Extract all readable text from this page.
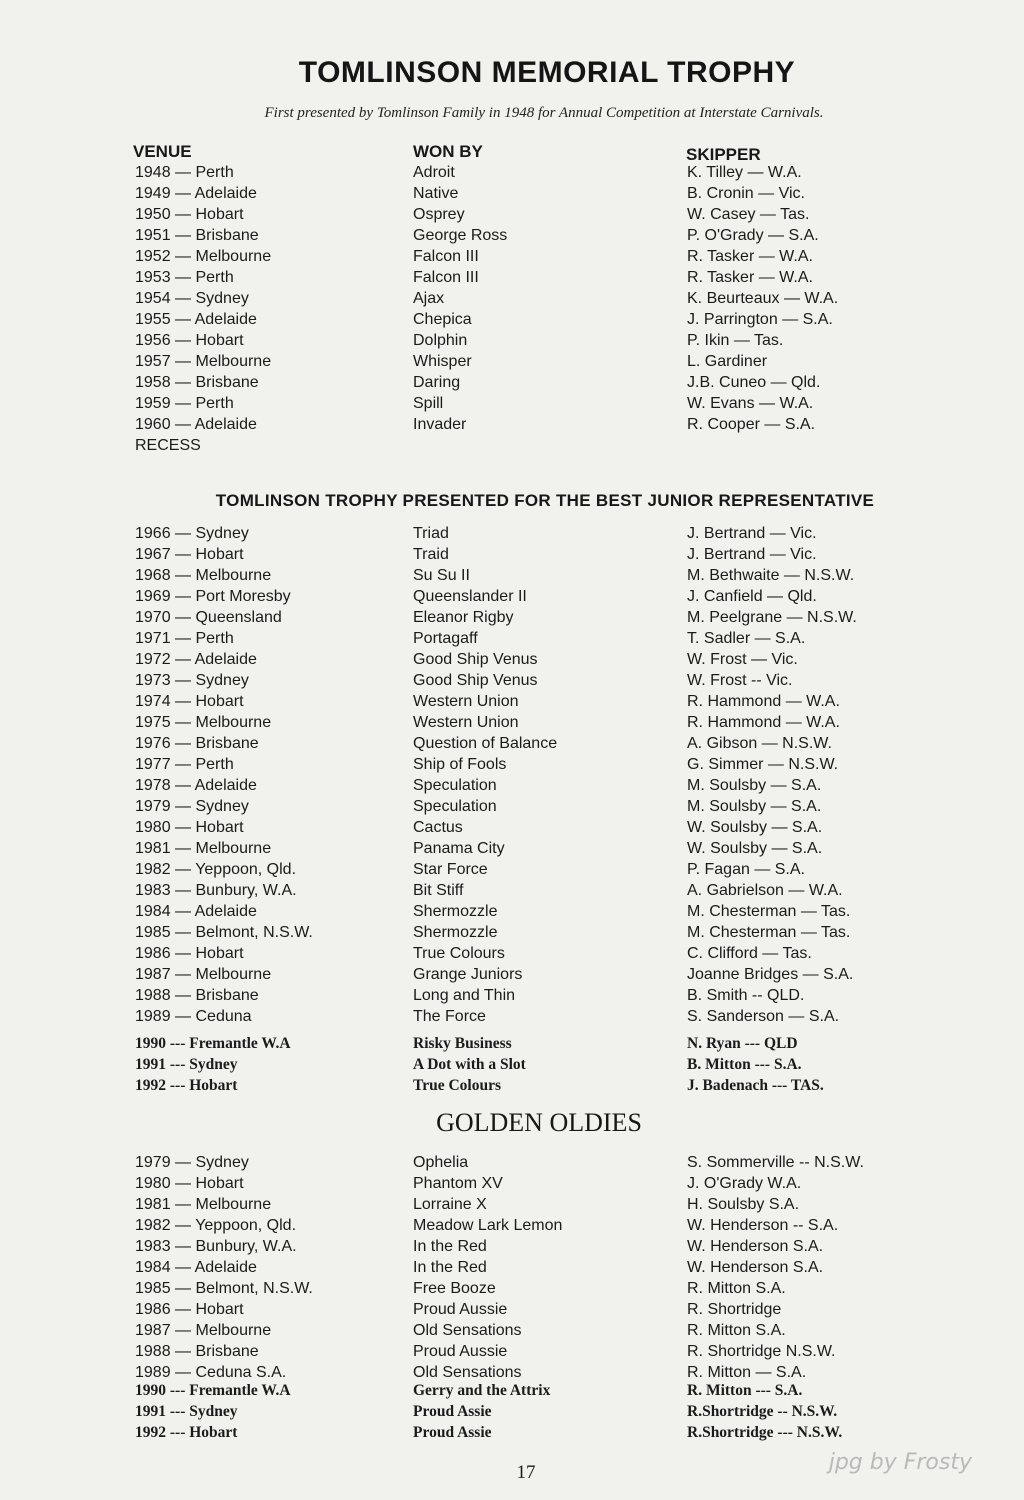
TOMLINSON MEMORIAL TROPHY
First presented by Tomlinson Family in 1948 for Annual Competition at Interstate Carnivals.
VENUE	WON BY	SKIPPER
1948 — Perth	Adroit	K. Tilley — W.A.
1949 — Adelaide	Native	B. Cronin — Vic.
1950 — Hobart	Osprey	W. Casey — Tas.
1951 — Brisbane	George Ross	P. O'Grady — S.A.
1952 — Melbourne	Falcon III	R. Tasker — W.A.
1953 — Perth	Falcon III	R. Tasker — W.A.
1954 — Sydney	Ajax	K. Beurteaux — W.A.
1955 — Adelaide	Chepica	J. Parrington — S.A.
1956 — Hobart	Dolphin	P. Ikin — Tas.
1957 — Melbourne	Whisper	L. Gardiner
1958 — Brisbane	Daring	J.B. Cuneo — Qld.
1959 — Perth	Spill	W. Evans — W.A.
1960 — Adelaide	Invader	R. Cooper — S.A.
RECESS
TOMLINSON TROPHY PRESENTED FOR THE BEST JUNIOR REPRESENTATIVE
1966 — Sydney	Triad	J. Bertrand — Vic.
1967 — Hobart	Traid	J. Bertrand — Vic.
1968 — Melbourne	Su Su II	M. Bethwaite — N.S.W.
1969 — Port Moresby	Queenslander II	J. Canfield — Qld.
1970 — Queensland	Eleanor Rigby	M. Peelgrane — N.S.W.
1971 — Perth	Portagaff	T. Sadler — S.A.
1972 — Adelaide	Good Ship Venus	W. Frost — Vic.
1973 — Sydney	Good Ship Venus	W. Frost -- Vic.
1974 — Hobart	Western Union	R. Hammond — W.A.
1975 — Melbourne	Western Union	R. Hammond — W.A.
1976 — Brisbane	Question of Balance	A. Gibson — N.S.W.
1977 — Perth	Ship of Fools	G. Simmer — N.S.W.
1978 — Adelaide	Speculation	M. Soulsby — S.A.
1979 — Sydney	Speculation	M. Soulsby — S.A.
1980 — Hobart	Cactus	W. Soulsby — S.A.
1981 — Melbourne	Panama City	W. Soulsby — S.A.
1982 — Yeppoon, Qld.	Star Force	P. Fagan — S.A.
1983 — Bunbury, W.A.	Bit Stiff	A. Gabrielson — W.A.
1984 — Adelaide	Shermozzle	M. Chesterman — Tas.
1985 — Belmont, N.S.W.	Shermozzle	M. Chesterman — Tas.
1986 — Hobart	True Colours	C. Clifford — Tas.
1987 — Melbourne	Grange Juniors	Joanne Bridges — S.A.
1988 — Brisbane	Long and Thin	B. Smith -- QLD.
1989 — Ceduna	The Force	S. Sanderson — S.A.
1990 --- Fremantle W.A	Risky Business	N. Ryan --- QLD
1991 --- Sydney	A Dot with a Slot	B. Mitton --- S.A.
1992 --- Hobart	True Colours	J. Badenach --- TAS.
GOLDEN OLDIES
1979 — Sydney	Ophelia	S. Sommerville -- N.S.W.
1980 — Hobart	Phantom XV	J. O'Grady W.A.
1981 — Melbourne	Lorraine X	H. Soulsby S.A.
1982 — Yeppoon, Qld.	Meadow Lark Lemon	W. Henderson -- S.A.
1983 — Bunbury, W.A.	In the Red	W. Henderson S.A.
1984 — Adelaide	In the Red	W. Henderson S.A.
1985 — Belmont, N.S.W.	Free Booze	R. Mitton S.A.
1986 — Hobart	Proud Aussie	R. Shortridge
1987 — Melbourne	Old Sensations	R. Mitton S.A.
1988 — Brisbane	Proud Aussie	R. Shortridge N.S.W.
1989 — Ceduna S.A.	Old Sensations	R. Mitton — S.A.
1990 --- Fremantle W.A	Gerry and the Attrix	R. Mitton --- S.A.
1991 --- Sydney	Proud Assie	R.Shortridge -- N.S.W.
1992 --- Hobart	Proud Assie	R.Shortridge --- N.S.W.
17	jpg by Frosty
